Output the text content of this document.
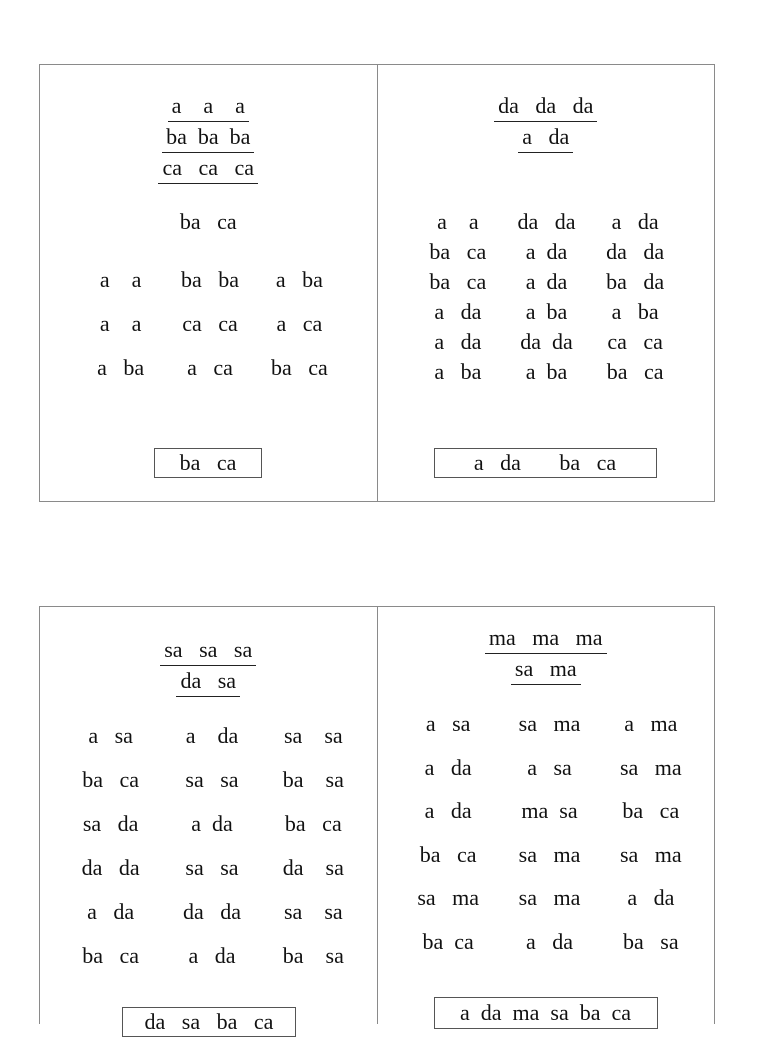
a    a    a
ba  ba  ba
ca   ca   ca
ba   ca
a    a	ba   ba	a   ba
a    a	ca   ca	a   ca
a   ba	a   ca	ba   ca
ba   ca
da   da   da
a   da
a    a	da   da	a   da
ba   ca	a  da	da   da
ba   ca	a  da	ba   da
a   da	a  ba	a   ba
a   da	da  da	ca   ca
a   ba	a  ba	ba   ca
a   da       ba   ca
sa   sa   sa
da   sa
a   sa	a    da	sa    sa
ba   ca	sa   sa	ba    sa
sa   da	a  da	ba   ca
da   da	sa   sa	da    sa
a   da	da   da	sa    sa
ba   ca	a   da	ba    sa
da   sa   ba   ca
ma   ma   ma
sa   ma
a   sa	sa   ma	a   ma
a   da	a   sa	sa   ma
a   da	ma  sa	ba   ca
ba   ca	sa   ma	sa   ma
sa   ma	sa   ma	a   da
ba  ca	a   da	ba   sa
a  da  ma  sa  ba  ca
